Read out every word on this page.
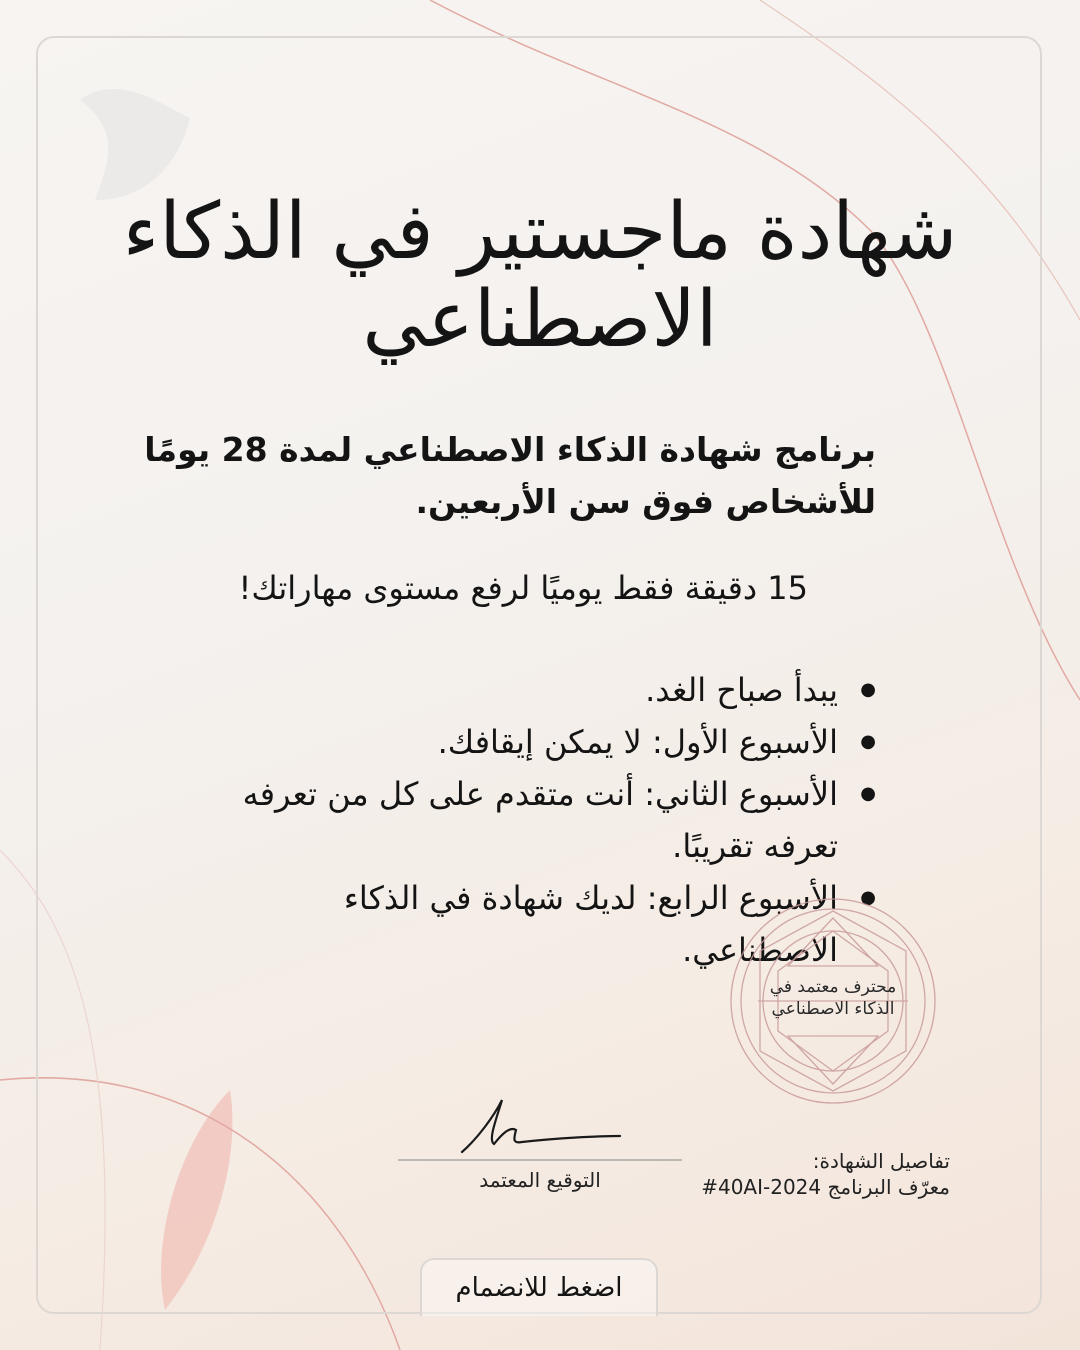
شهادة ماجستير في الذكاء الاصطناعي
برنامج شهادة الذكاء الاصطناعي لمدة 28 يومًا للأشخاص فوق سن الأربعين.
15 دقيقة فقط يوميًا لرفع مستوى مهاراتك!
● يبدأ صباح الغد.
● الأسبوع الأول: لا يمكن إيقافك.
● الأسبوع الثاني: أنت متقدم على كل من تعرفه تعرفه تقريبًا.
● الأسبوع الرابع: لديك شهادة في الذكاء الاصطناعي.
محترف معتمد في
الذكاء الاصطناعي
التوقيع المعتمد
تفاصيل الشهادة:
معرّف البرنامج 2024-40AI#
اضغط للانضمام
